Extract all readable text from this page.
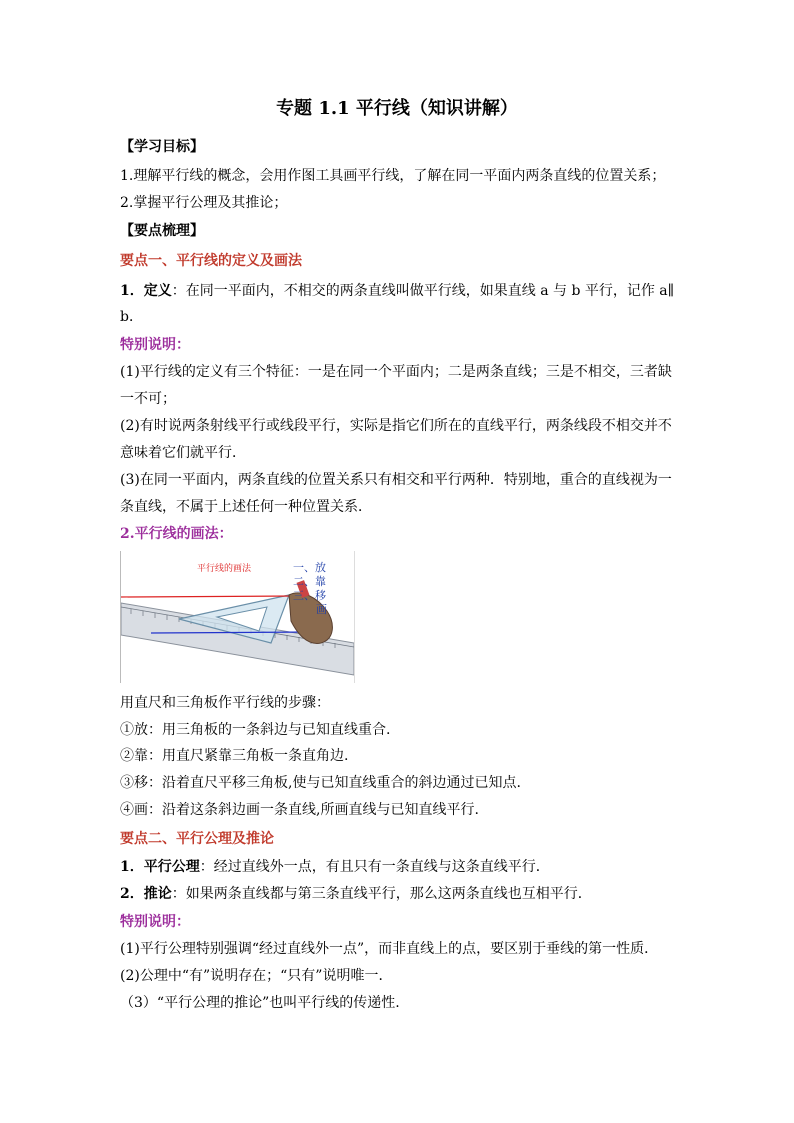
专题 1.1 平行线（知识讲解）
【学习目标】
1.理解平行线的概念，会用作图工具画平行线，了解在同一平面内两条直线的位置关系；
2.掌握平行公理及其推论；
【要点梳理】
要点一、平行线的定义及画法
1．定义：在同一平面内，不相交的两条直线叫做平行线，如果直线 a 与 b 平行，记作 a∥
b．
特别说明：
(1)平行线的定义有三个特征：一是在同一个平面内；二是两条直线；三是不相交，三者缺
一不可；
(2)有时说两条射线平行或线段平行，实际是指它们所在的直线平行，两条线段不相交并不
意味着它们就平行．
(3)在同一平面内，两条直线的位置关系只有相交和平行两种．特别地，重合的直线视为一
条直线，不属于上述任何一种位置关系．
2.平行线的画法：
平行线的画法	一、放
二、靠
三、移
画
用直尺和三角板作平行线的步骤：
①放：用三角板的一条斜边与已知直线重合.
②靠：用直尺紧靠三角板一条直角边.
③移：沿着直尺平移三角板,使与已知直线重合的斜边通过已知点.
④画：沿着这条斜边画一条直线,所画直线与已知直线平行.
要点二、平行公理及推论
1．平行公理：经过直线外一点，有且只有一条直线与这条直线平行．
2．推论：如果两条直线都与第三条直线平行，那么这两条直线也互相平行．
特别说明：
(1)平行公理特别强调“经过直线外一点”，而非直线上的点，要区别于垂线的第一性质．
(2)公理中“有”说明存在；“只有”说明唯一．
（3）“平行公理的推论”也叫平行线的传递性.
